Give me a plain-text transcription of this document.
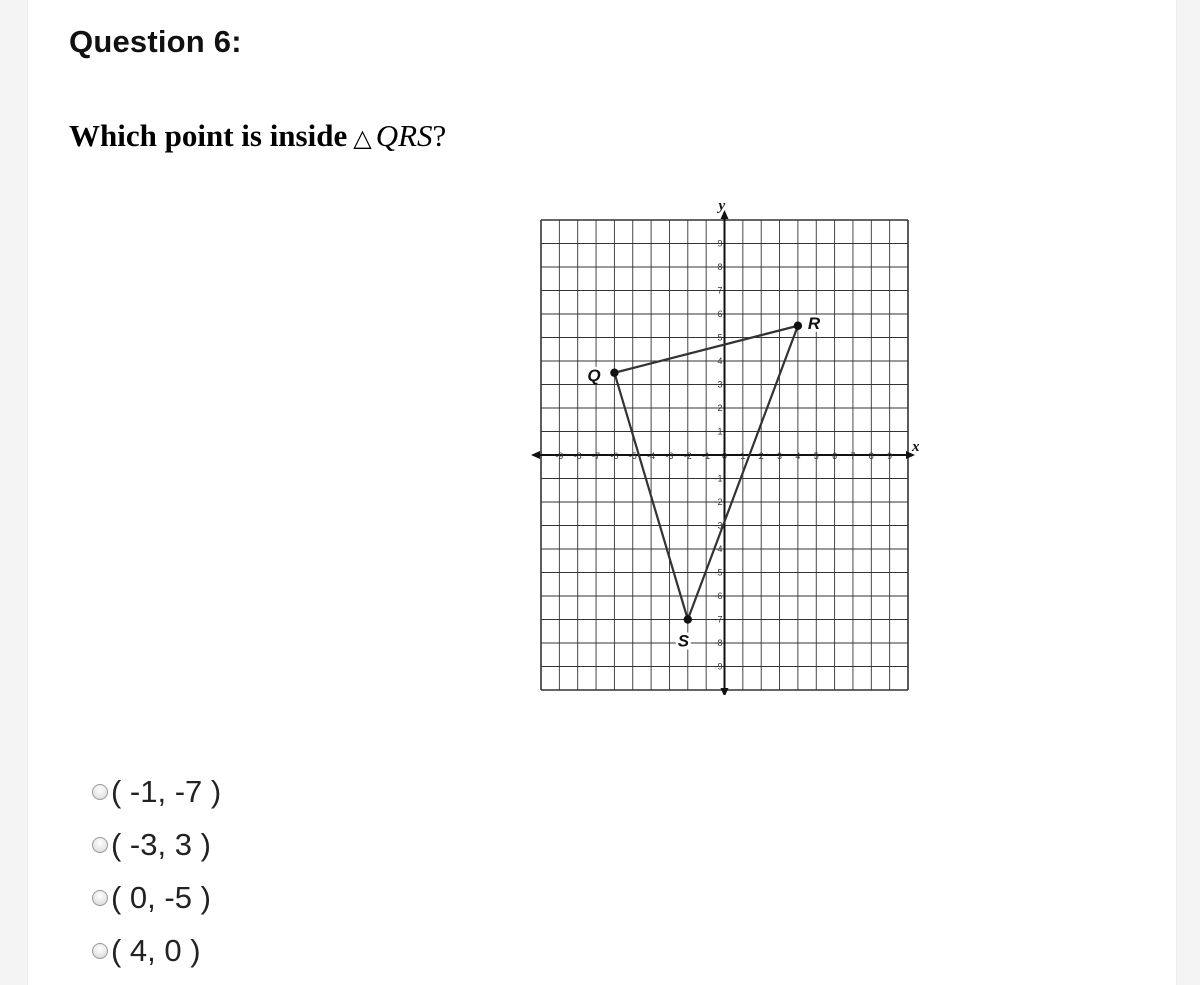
Question 6:
Which point is inside △ QRS?
x
y
-9 -8 -7 -6 -5 -4 -3 -2 -1 0 1 2 3 4 5 6 7 8 9
9
8
7
6
5
4
3
2
1
-1
-2
-3
-4
-5
-6
-7
-8
-9
Q
R
S
( -1, -7 )
( -3, 3 )
( 0, -5 )
( 4, 0 )
